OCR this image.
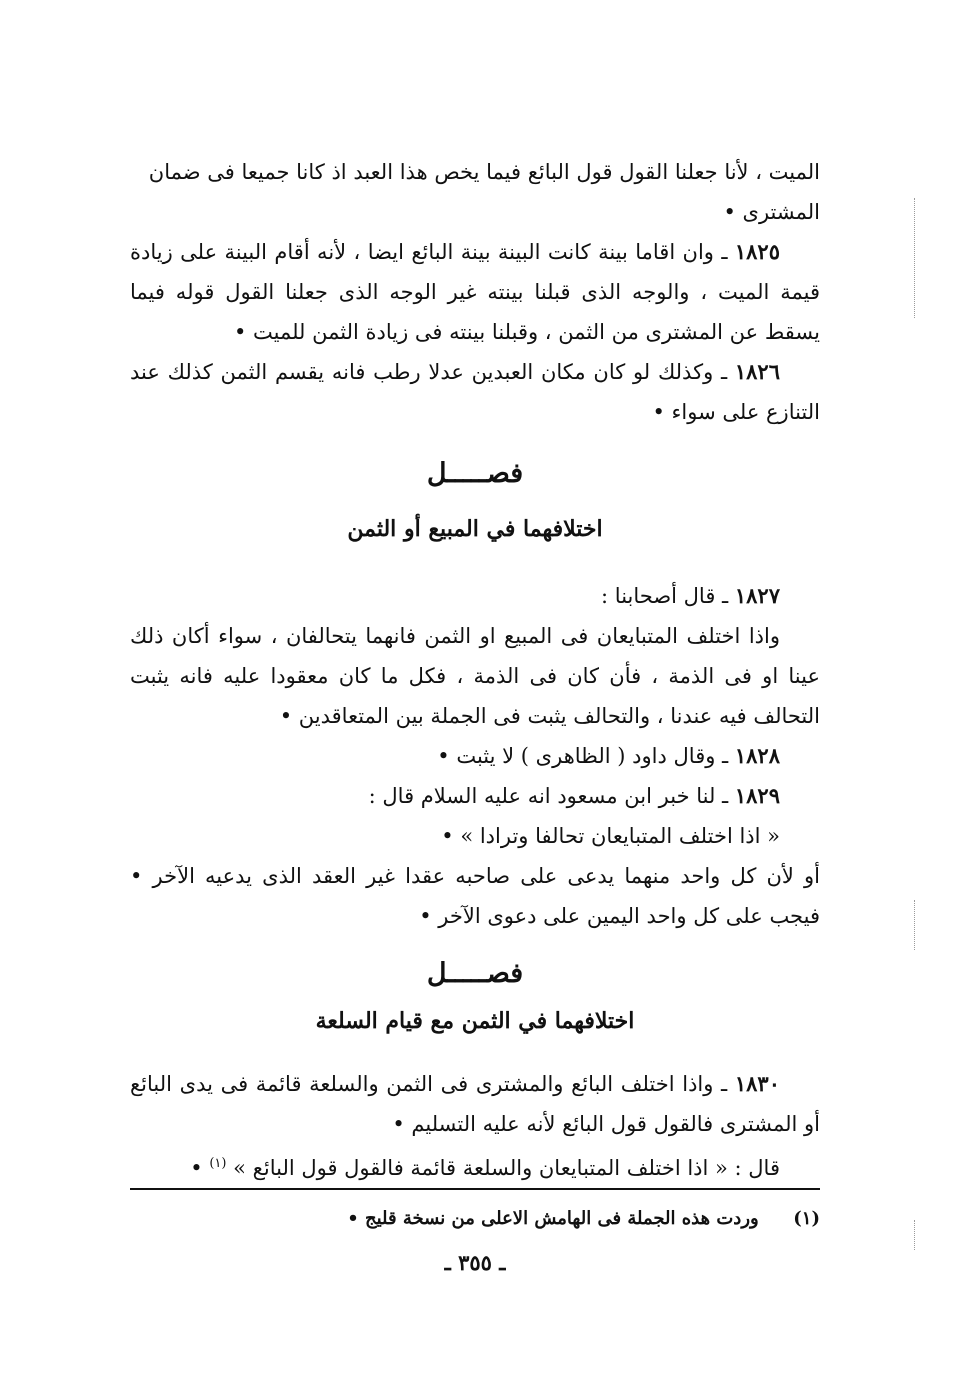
الميت ، لأنا جعلنا القول قول البائع فيما يخص هذا العبد اذ كانا جميعا فى ضمان

المشترى •

١٨٢٥ ـ وان اقاما بينة كانت البينة بينة البائع ايضا ، لأنه أقام البينة على زيادة قيمة الميت ، والوجه الذى قبلنا بينته غير الوجه الذى جعلنا القول قوله فيما يسقط عن المشترى من الثمن ، وقبلنا بينته فى زيادة الثمن للميت •

١٨٢٦ ـ وكذلك لو كان مكان العبدين عدلا رطب فانه يقسم الثمن كذلك عند التنازع على سواء •

فصـــــل
اختلافهما في المبيع أو الثمن

١٨٢٧ ـ قال أصحابنا :

واذا اختلف المتبايعان فى المبيع او الثمن فانهما يتحالفان ، سواء أكان ذلك عينا او فى الذمة ، فأن كان فى الذمة ، فكل ما كان معقودا عليه فانه يثبت التحالف فيه عندنا ، والتحالف يثبت فى الجملة بين المتعاقدين •

١٨٢٨ ـ وقال داود ( الظاهرى ) لا يثبت •

١٨٢٩ ـ لنا خبر ابن مسعود انه عليه السلام قال :

« اذا اختلف المتبايعان تحالفا وترادا » •

أو لأن كل واحد منهما يدعى على صاحبه عقدا غير العقد الذى يدعيه الآخر • فيجب على كل واحد اليمين على دعوى الآخر •

فصـــــل
اختلافهما في الثمن مع قيام السلعة

١٨٣٠ ـ واذا اختلف البائع والمشترى فى الثمن والسلعة قائمة فى يدى البائع أو المشترى فالقول قول البائع لأنه عليه التسليم •

قال : « اذا اختلف المتبايعان والسلعة قائمة فالقول قول البائع » $^{(١)}$ •

(١)  وردت هذه الجملة فى الهامش الاعلى من نسخة قليج •
ـ ٣٥٥ ـ
